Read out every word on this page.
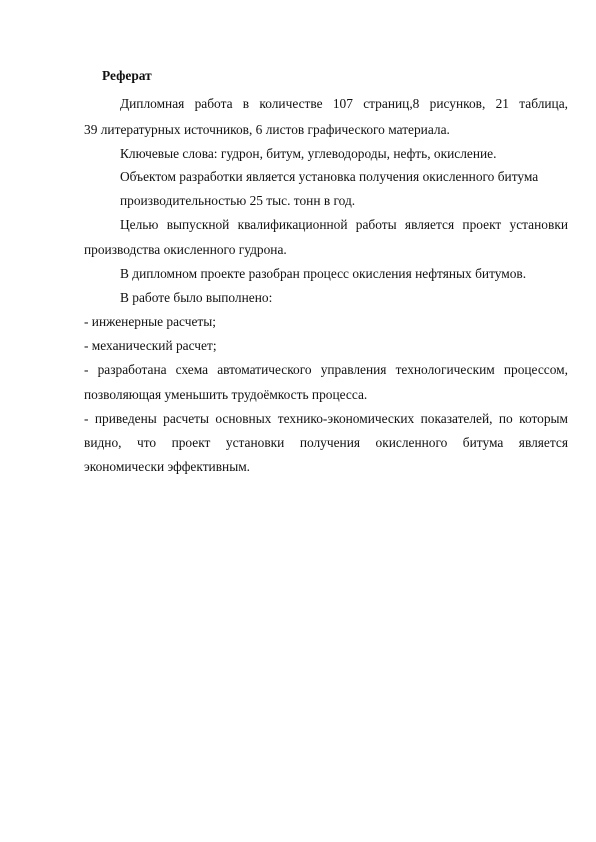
Реферат
Дипломная работа в количестве 107 страниц,8 рисунков, 21 таблица,
39 литературных источников, 6 листов графического материала.
Ключевые слова: гудрон, битум, углеводороды, нефть, окисление.
Объектом разработки является установка получения окисленного битума
производительностью 25 тыс. тонн в год.
Целью выпускной квалификационной работы является проект установки
производства окисленного гудрона.
В дипломном проекте разобран процесс окисления нефтяных битумов.
В работе было выполнено:
- инженерные расчеты;
- механический расчет;
- разработана схема автоматического управления технологическим процессом,
позволяющая уменьшить трудоёмкость процесса.
- приведены расчеты основных технико-экономических показателей, по которым
видно, что проект установки получения окисленного битума является
экономически эффективным.
